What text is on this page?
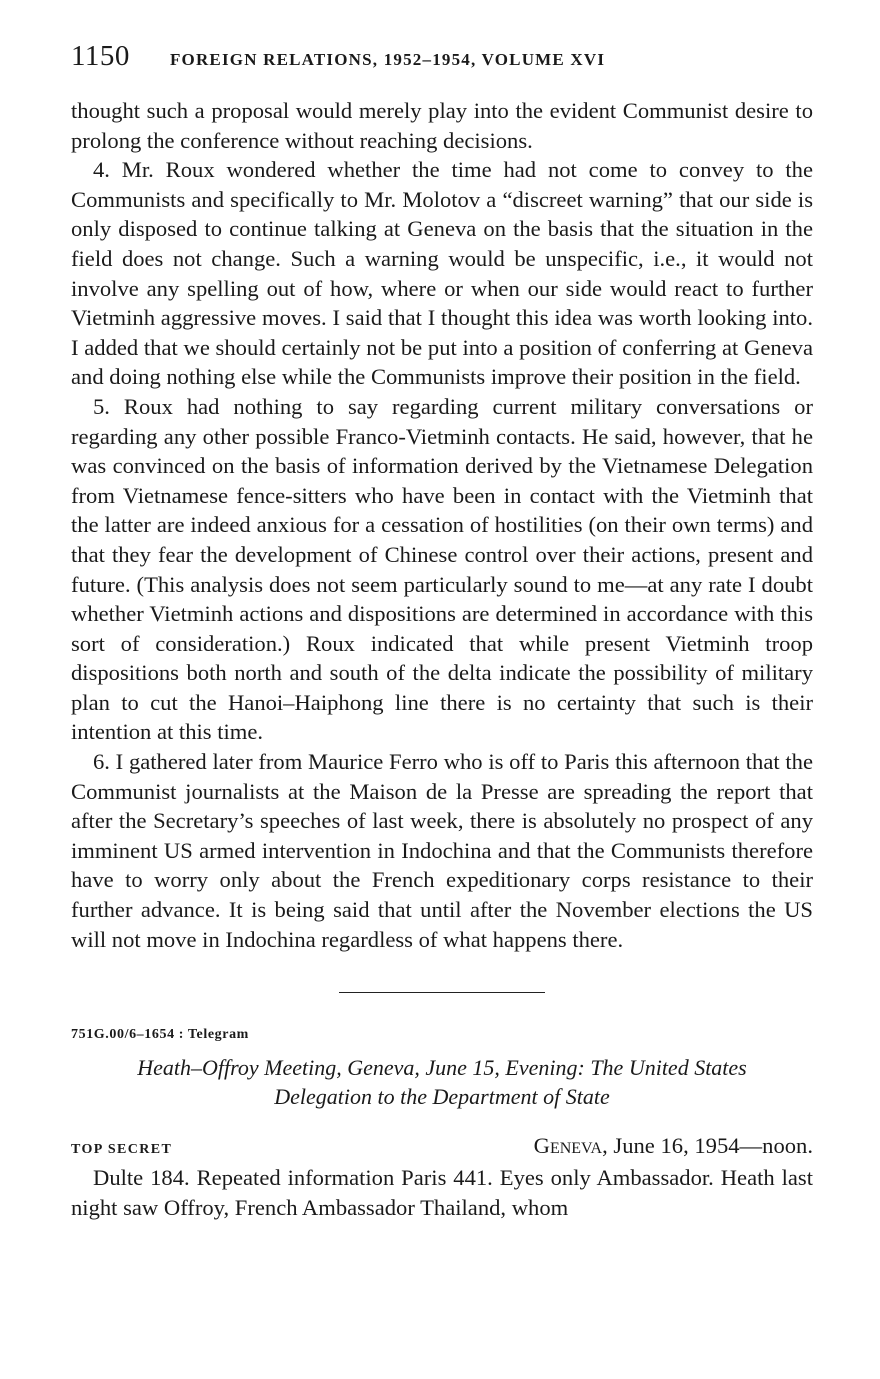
1150 FOREIGN RELATIONS, 1952–1954, VOLUME XVI

thought such a proposal would merely play into the evident Communist desire to prolong the conference without reaching decisions.

4. Mr. Roux wondered whether the time had not come to convey to the Communists and specifically to Mr. Molotov a “discreet warning” that our side is only disposed to continue talking at Geneva on the basis that the situation in the field does not change. Such a warning would be unspecific, i.e., it would not involve any spelling out of how, where or when our side would react to further Vietminh aggressive moves. I said that I thought this idea was worth looking into. I added that we should certainly not be put into a position of conferring at Geneva and doing nothing else while the Communists improve their position in the field.

5. Roux had nothing to say regarding current military conversations or regarding any other possible Franco-Vietminh contacts. He said, however, that he was convinced on the basis of information derived by the Vietnamese Delegation from Vietnamese fence-sitters who have been in contact with the Vietminh that the latter are indeed anxious for a cessation of hostilities (on their own terms) and that they fear the development of Chinese control over their actions, present and future. (This analysis does not seem particularly sound to me—at any rate I doubt whether Vietminh actions and dispositions are determined in accordance with this sort of consideration.) Roux indicated that while present Vietminh troop dispositions both north and south of the delta indicate the possibility of military plan to cut the Hanoi–Haiphong line there is no certainty that such is their intention at this time.

6. I gathered later from Maurice Ferro who is off to Paris this afternoon that the Communist journalists at the Maison de la Presse are spreading the report that after the Secretary’s speeches of last week, there is absolutely no prospect of any imminent US armed intervention in Indochina and that the Communists therefore have to worry only about the French expeditionary corps resistance to their further advance. It is being said that until after the November elections the US will not move in Indochina regardless of what happens there.

751G.00/6–1654 : Telegram
Heath–Offroy Meeting, Geneva, June 15, Evening: The United States
Delegation to the Department of State
TOP SECRET	Geneva, June 16, 1954—noon.

Dulte 184. Repeated information Paris 441. Eyes only Ambassador. Heath last night saw Offroy, French Ambassador Thailand, whom
